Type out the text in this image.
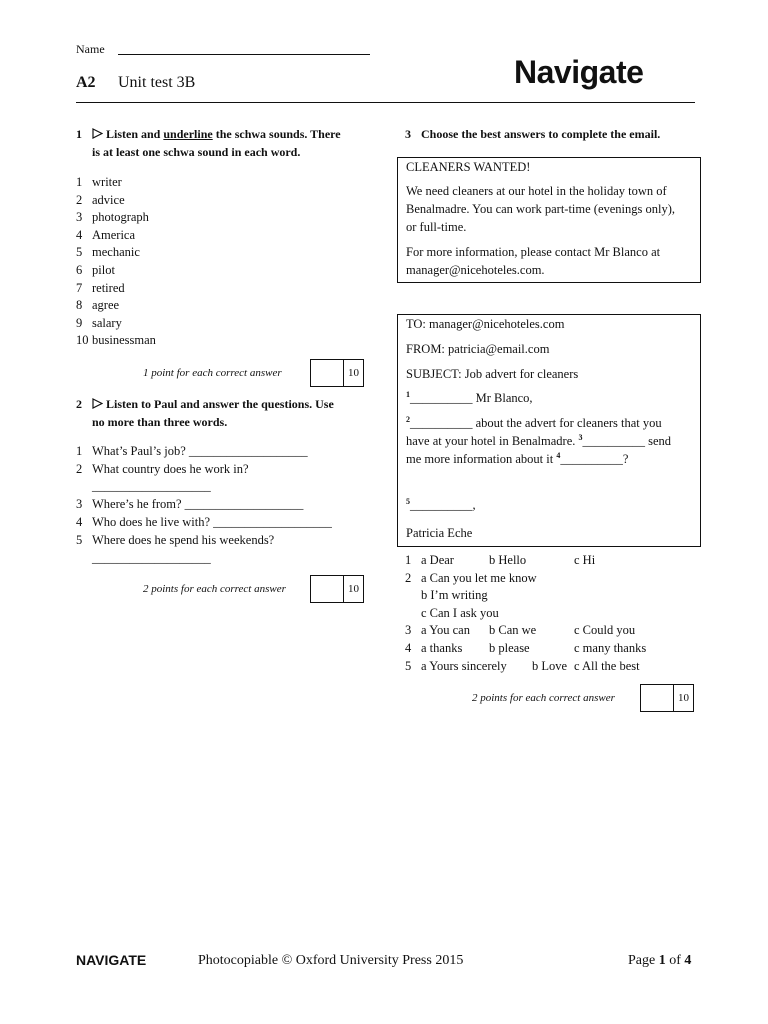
Name
A2 Unit test 3B	Navigate
1	Listen and underline the schwa sounds. There
is at least one schwa sound in each word.
1 writer
2 advice
3 photograph
4 America
5 mechanic
6 pilot
7 retired
8 agree
9 salary
10 businessman
1 point for each correct answer	10
2	Listen to Paul and answer the questions. Use
no more than three words.
1 What’s Paul’s job? ___________________
2 What country does he work in?
___________________
3 Where’s he from? ___________________
4 Who does he live with? ___________________
5 Where does he spend his weekends?
___________________
2 points for each correct answer	10
3 Choose the best answers to complete the email.
CLEANERS WANTED!
We need cleaners at our hotel in the holiday town of
Benalmadre. You can work part-time (evenings only),
or full-time.
For more information, please contact Mr Blanco at
manager@nicehoteles.com.
TO: manager@nicehoteles.com
FROM: patricia@email.com
SUBJECT: Job advert for cleaners
$^1$__________ Mr Blanco,
$^2$__________ about the advert for cleaners that you
have at your hotel in Benalmadre. $^3$__________ send
me more information about it $^4$__________?
$^5$__________,
Patricia Eche
1 a Dear	b Hello	c Hi
2 a Can you let me know
b I’m writing
c Can I ask you
3 a You can b Can we	c Could you
4 a thanks b please	c many thanks
5 a Yours sincerely b Love c All the best
2 points for each correct answer	10
NAVIGATE	Photocopiable © Oxford University Press 2015	Page 1 of 4
